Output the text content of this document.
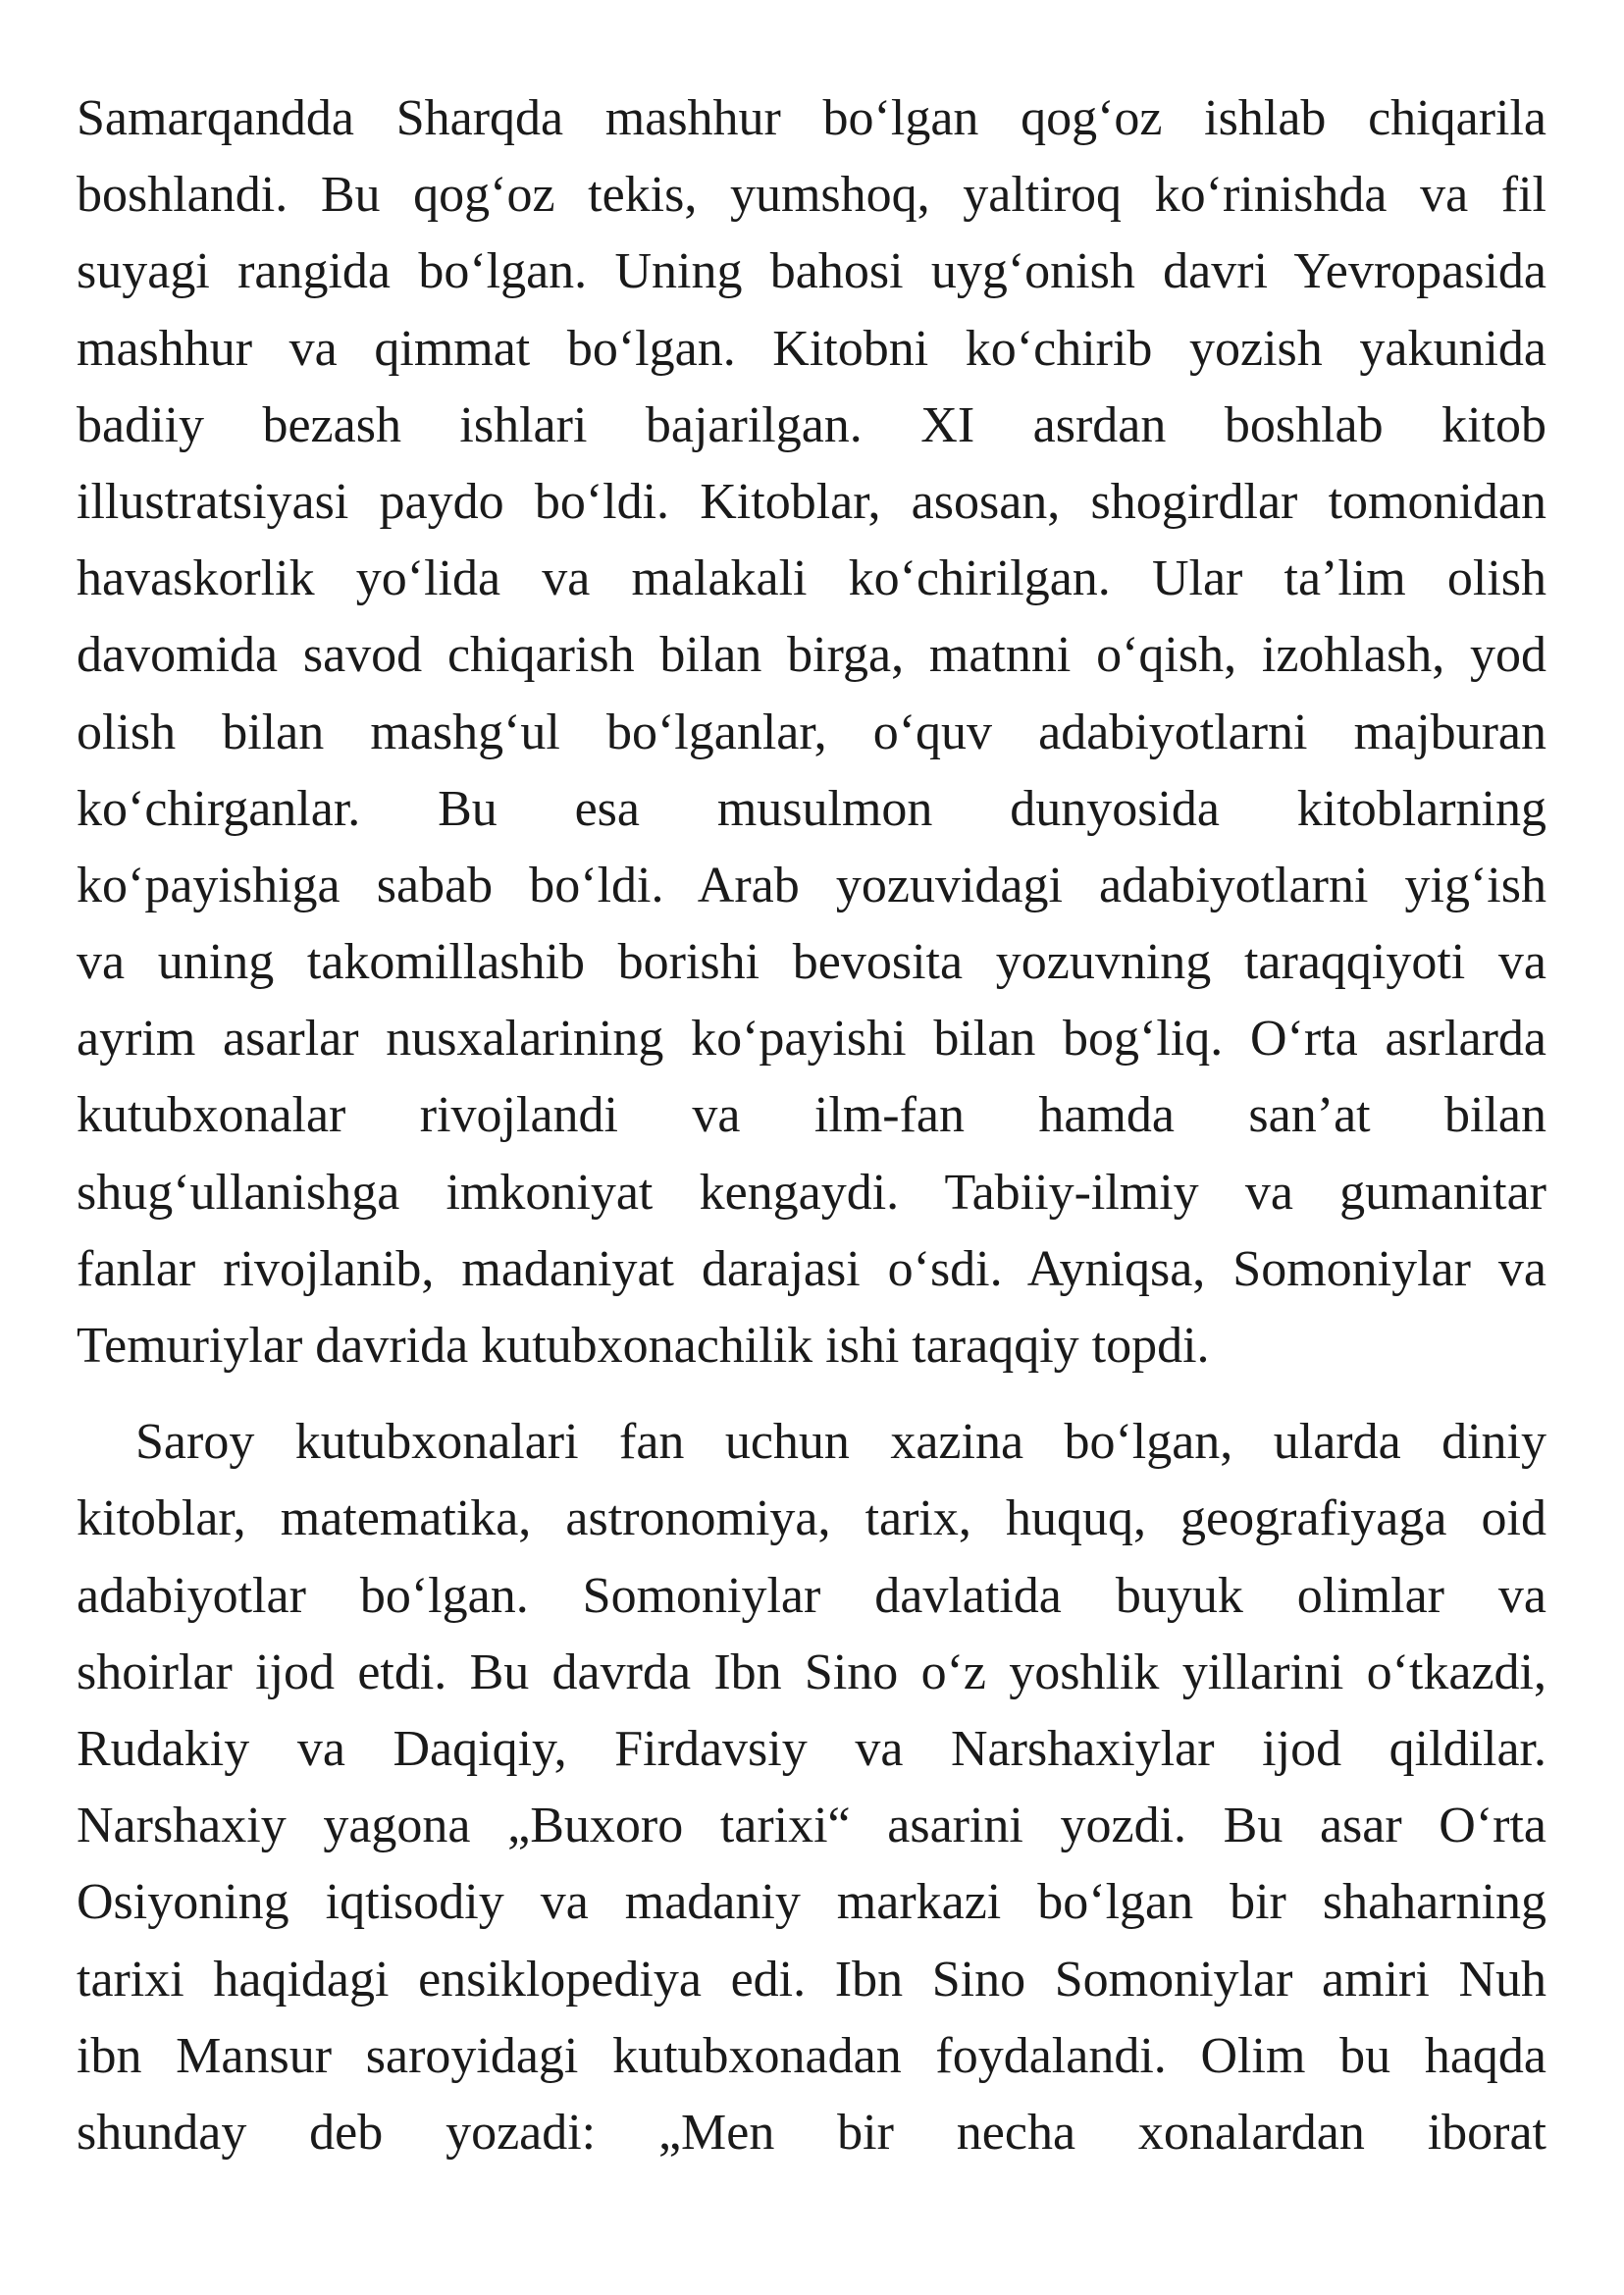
Samarqandda Sharqda mashhur bo‘lgan qog‘oz ishlab chiqarila
boshlandi. Bu qog‘oz tekis, yumshoq, yaltiroq ko‘rinishda va fil
suyagi rangida bo‘lgan. Uning bahosi uyg‘onish davri Yevropasida
mashhur va qimmat bo‘lgan. Kitobni ko‘chirib yozish yakunida
badiiy bezash ishlari bajarilgan. XI asrdan boshlab kitob
illustratsiyasi paydo bo‘ldi. Kitoblar, asosan, shogirdlar tomonidan
havaskorlik yo‘lida va malakali ko‘chirilgan. Ular ta’lim olish
davomida savod chiqarish bilan birga, matnni o‘qish, izohlash, yod
olish bilan mashg‘ul bo‘lganlar, o‘quv adabiyotlarni majburan
ko‘chirganlar. Bu esa musulmon dunyosida kitoblarning
ko‘payishiga sabab bo‘ldi. Arab yozuvidagi adabiyotlarni yig‘ish
va uning takomillashib borishi bevosita yozuvning taraqqiyoti va
ayrim asarlar nusxalarining ko‘payishi bilan bog‘liq. O‘rta asrlarda
kutubxonalar rivojlandi va ilm-fan hamda san’at bilan
shug‘ullanishga imkoniyat kengaydi. Tabiiy-ilmiy va gumanitar
fanlar rivojlanib, madaniyat darajasi o‘sdi. Ayniqsa, Somoniylar va
Temuriylar davrida kutubxonachilik ishi taraqqiy topdi.
Saroy kutubxonalari fan uchun xazina bo‘lgan, ularda diniy
kitoblar, matematika, astronomiya, tarix, huquq, geografiyaga oid
adabiyotlar bo‘lgan. Somoniylar davlatida buyuk olimlar va
shoirlar ijod etdi. Bu davrda Ibn Sino o‘z yoshlik yillarini o‘tkazdi,
Rudakiy va Daqiqiy, Firdavsiy va Narshaxiylar ijod qildilar.
Narshaxiy yagona „Buxoro tarixi“ asarini yozdi. Bu asar O‘rta
Osiyoning iqtisodiy va madaniy markazi bo‘lgan bir shaharning
tarixi haqidagi ensiklopediya edi. Ibn Sino Somoniylar amiri Nuh
ibn Mansur saroyidagi kutubxonadan foydalandi. Olim bu haqda
shunday deb yozadi: „Men bir necha xonalardan iborat
